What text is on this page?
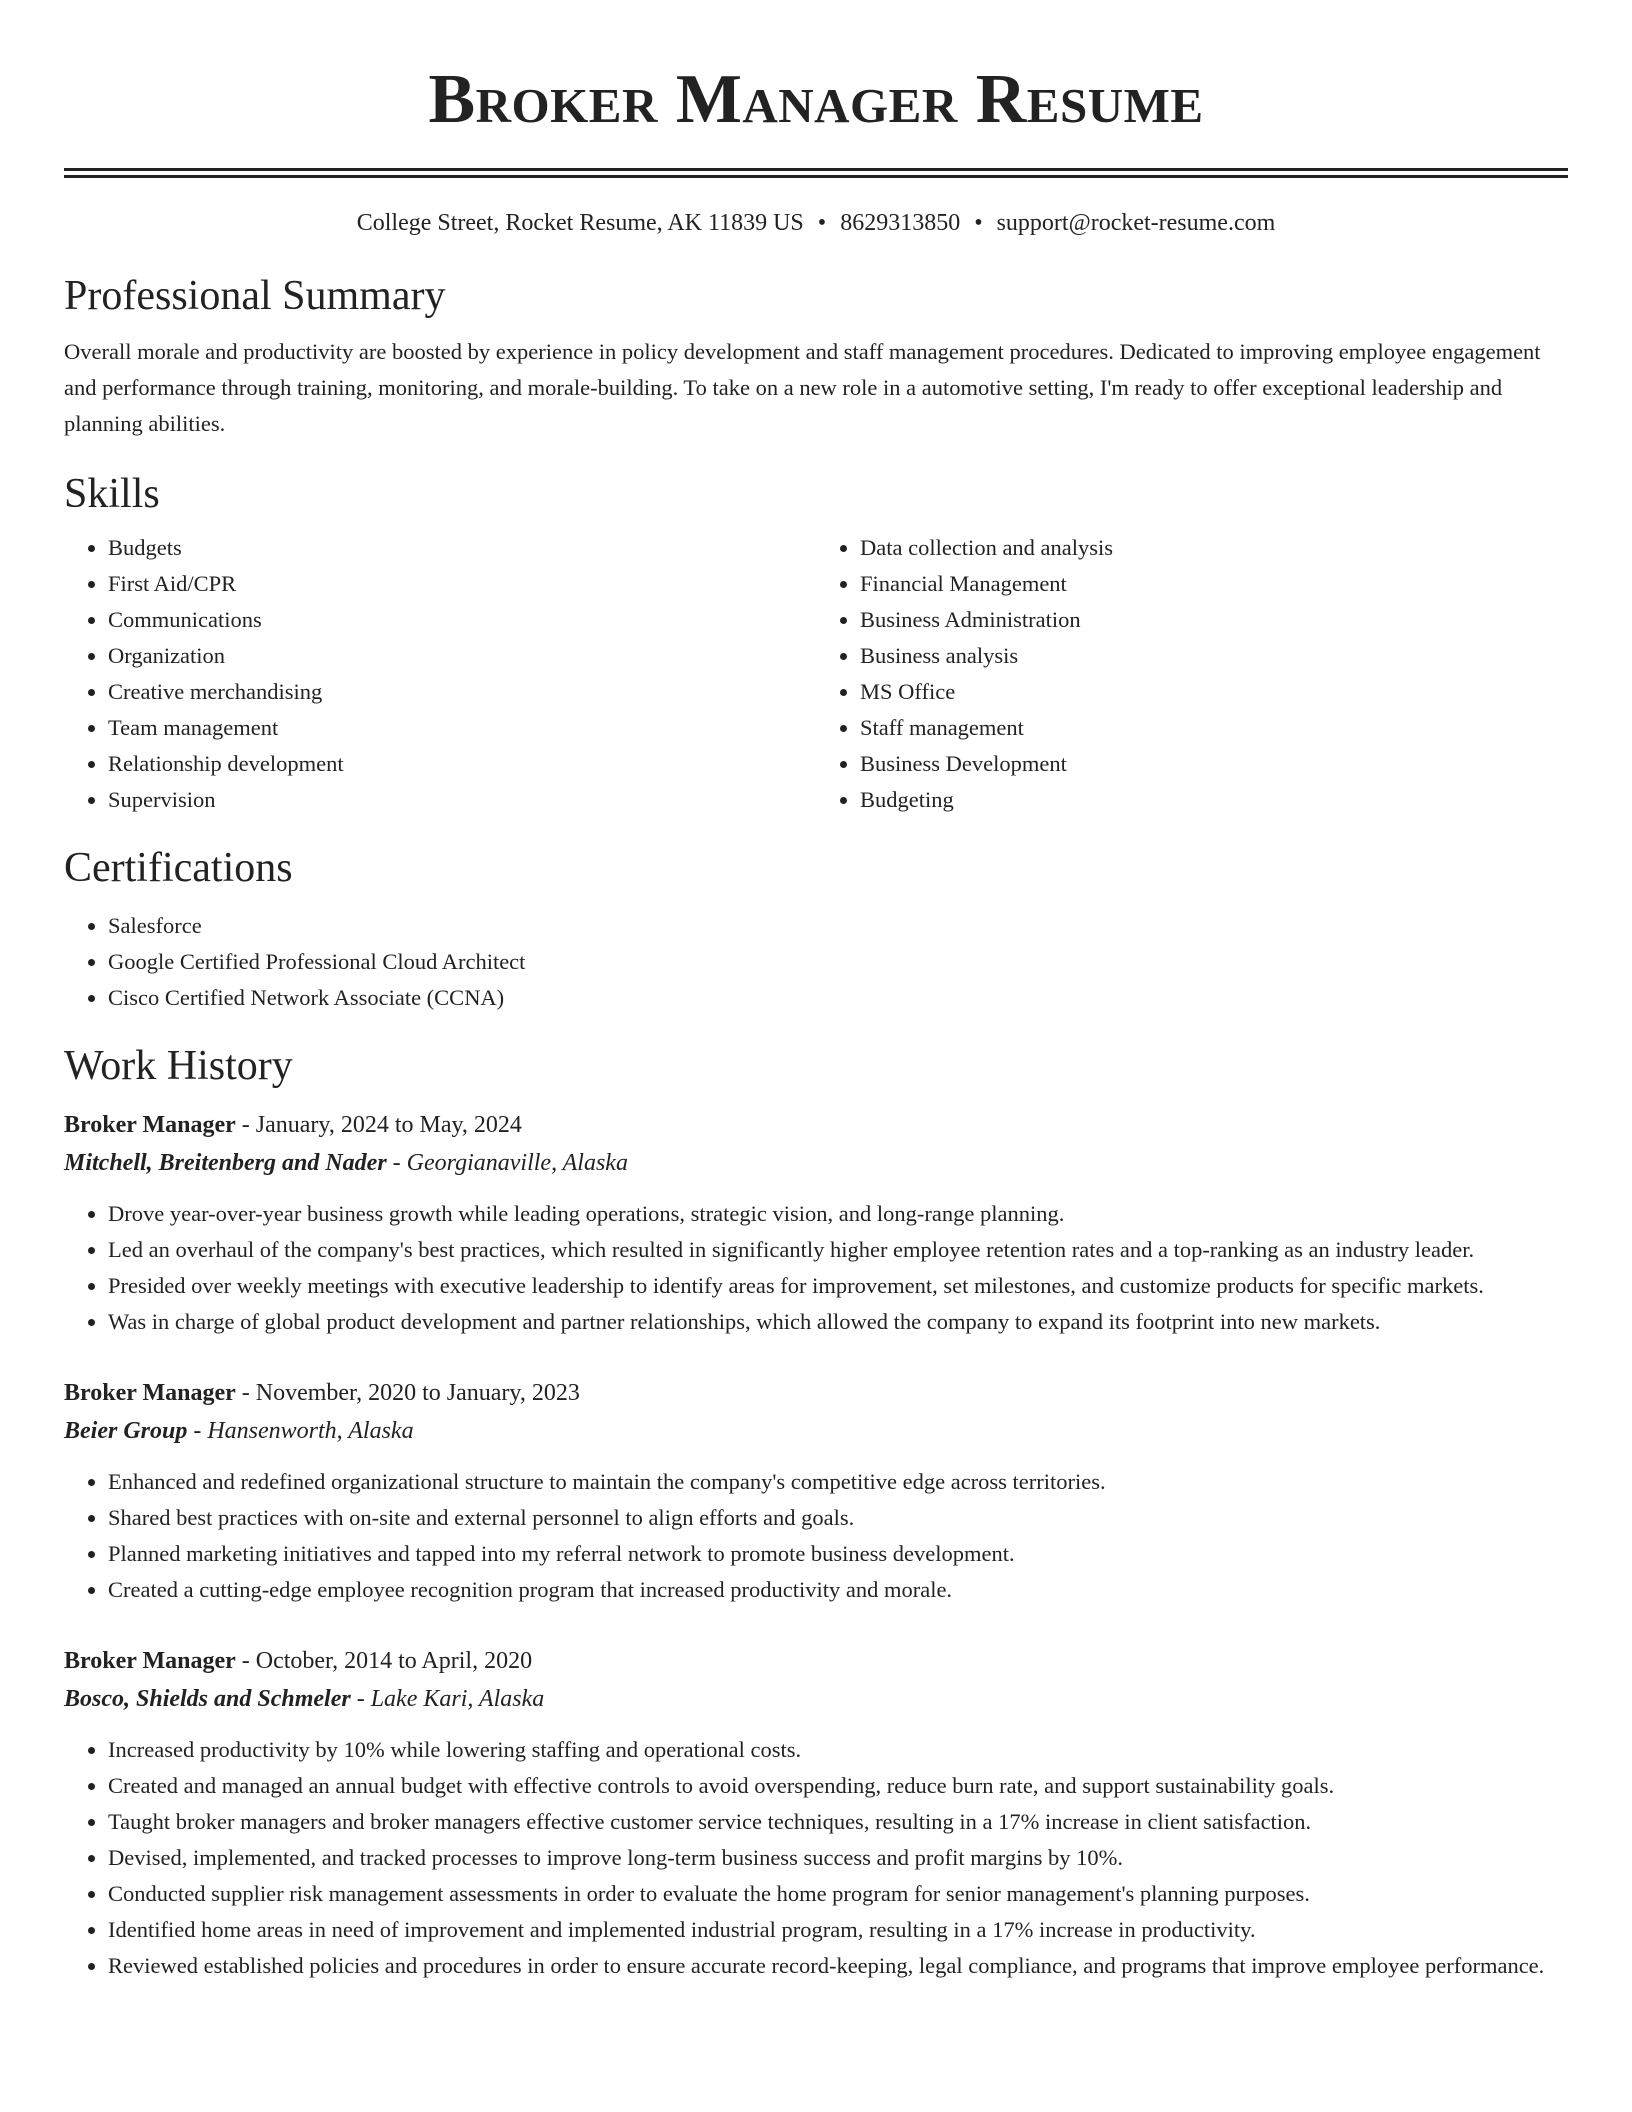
Broker Manager Resume
College Street, Rocket Resume, AK 11839 US • 8629313850 • support@rocket-resume.com
Professional Summary

Overall morale and productivity are boosted by experience in policy development and staff management procedures. Dedicated to improving employee engagement and performance through training, monitoring, and morale-building. To take on a new role in a automotive setting, I'm ready to offer exceptional leadership and planning abilities.

Skills
• Budgets
• First Aid/CPR
• Communications
• Organization
• Creative merchandising
• Team management
• Relationship development
• Supervision
• Data collection and analysis
• Financial Management
• Business Administration
• Business analysis
• MS Office
• Staff management
• Business Development
• Budgeting
Certifications
• Salesforce
• Google Certified Professional Cloud Architect
• Cisco Certified Network Associate (CCNA)
Work History
Broker Manager - January, 2024 to May, 2024
Mitchell, Breitenberg and Nader - Georgianaville, Alaska
• Drove year-over-year business growth while leading operations, strategic vision, and long-range planning.
• Led an overhaul of the company's best practices, which resulted in significantly higher employee retention rates and a top-ranking as an industry leader.
• Presided over weekly meetings with executive leadership to identify areas for improvement, set milestones, and customize products for specific markets.
• Was in charge of global product development and partner relationships, which allowed the company to expand its footprint into new markets.
Broker Manager - November, 2020 to January, 2023
Beier Group - Hansenworth, Alaska
• Enhanced and redefined organizational structure to maintain the company's competitive edge across territories.
• Shared best practices with on-site and external personnel to align efforts and goals.
• Planned marketing initiatives and tapped into my referral network to promote business development.
• Created a cutting-edge employee recognition program that increased productivity and morale.
Broker Manager - October, 2014 to April, 2020
Bosco, Shields and Schmeler - Lake Kari, Alaska
• Increased productivity by 10% while lowering staffing and operational costs.
• Created and managed an annual budget with effective controls to avoid overspending, reduce burn rate, and support sustainability goals.
• Taught broker managers and broker managers effective customer service techniques, resulting in a 17% increase in client satisfaction.
• Devised, implemented, and tracked processes to improve long-term business success and profit margins by 10%.
• Conducted supplier risk management assessments in order to evaluate the home program for senior management's planning purposes.
• Identified home areas in need of improvement and implemented industrial program, resulting in a 17% increase in productivity.
• Reviewed established policies and procedures in order to ensure accurate record-keeping, legal compliance, and programs that improve employee performance.
